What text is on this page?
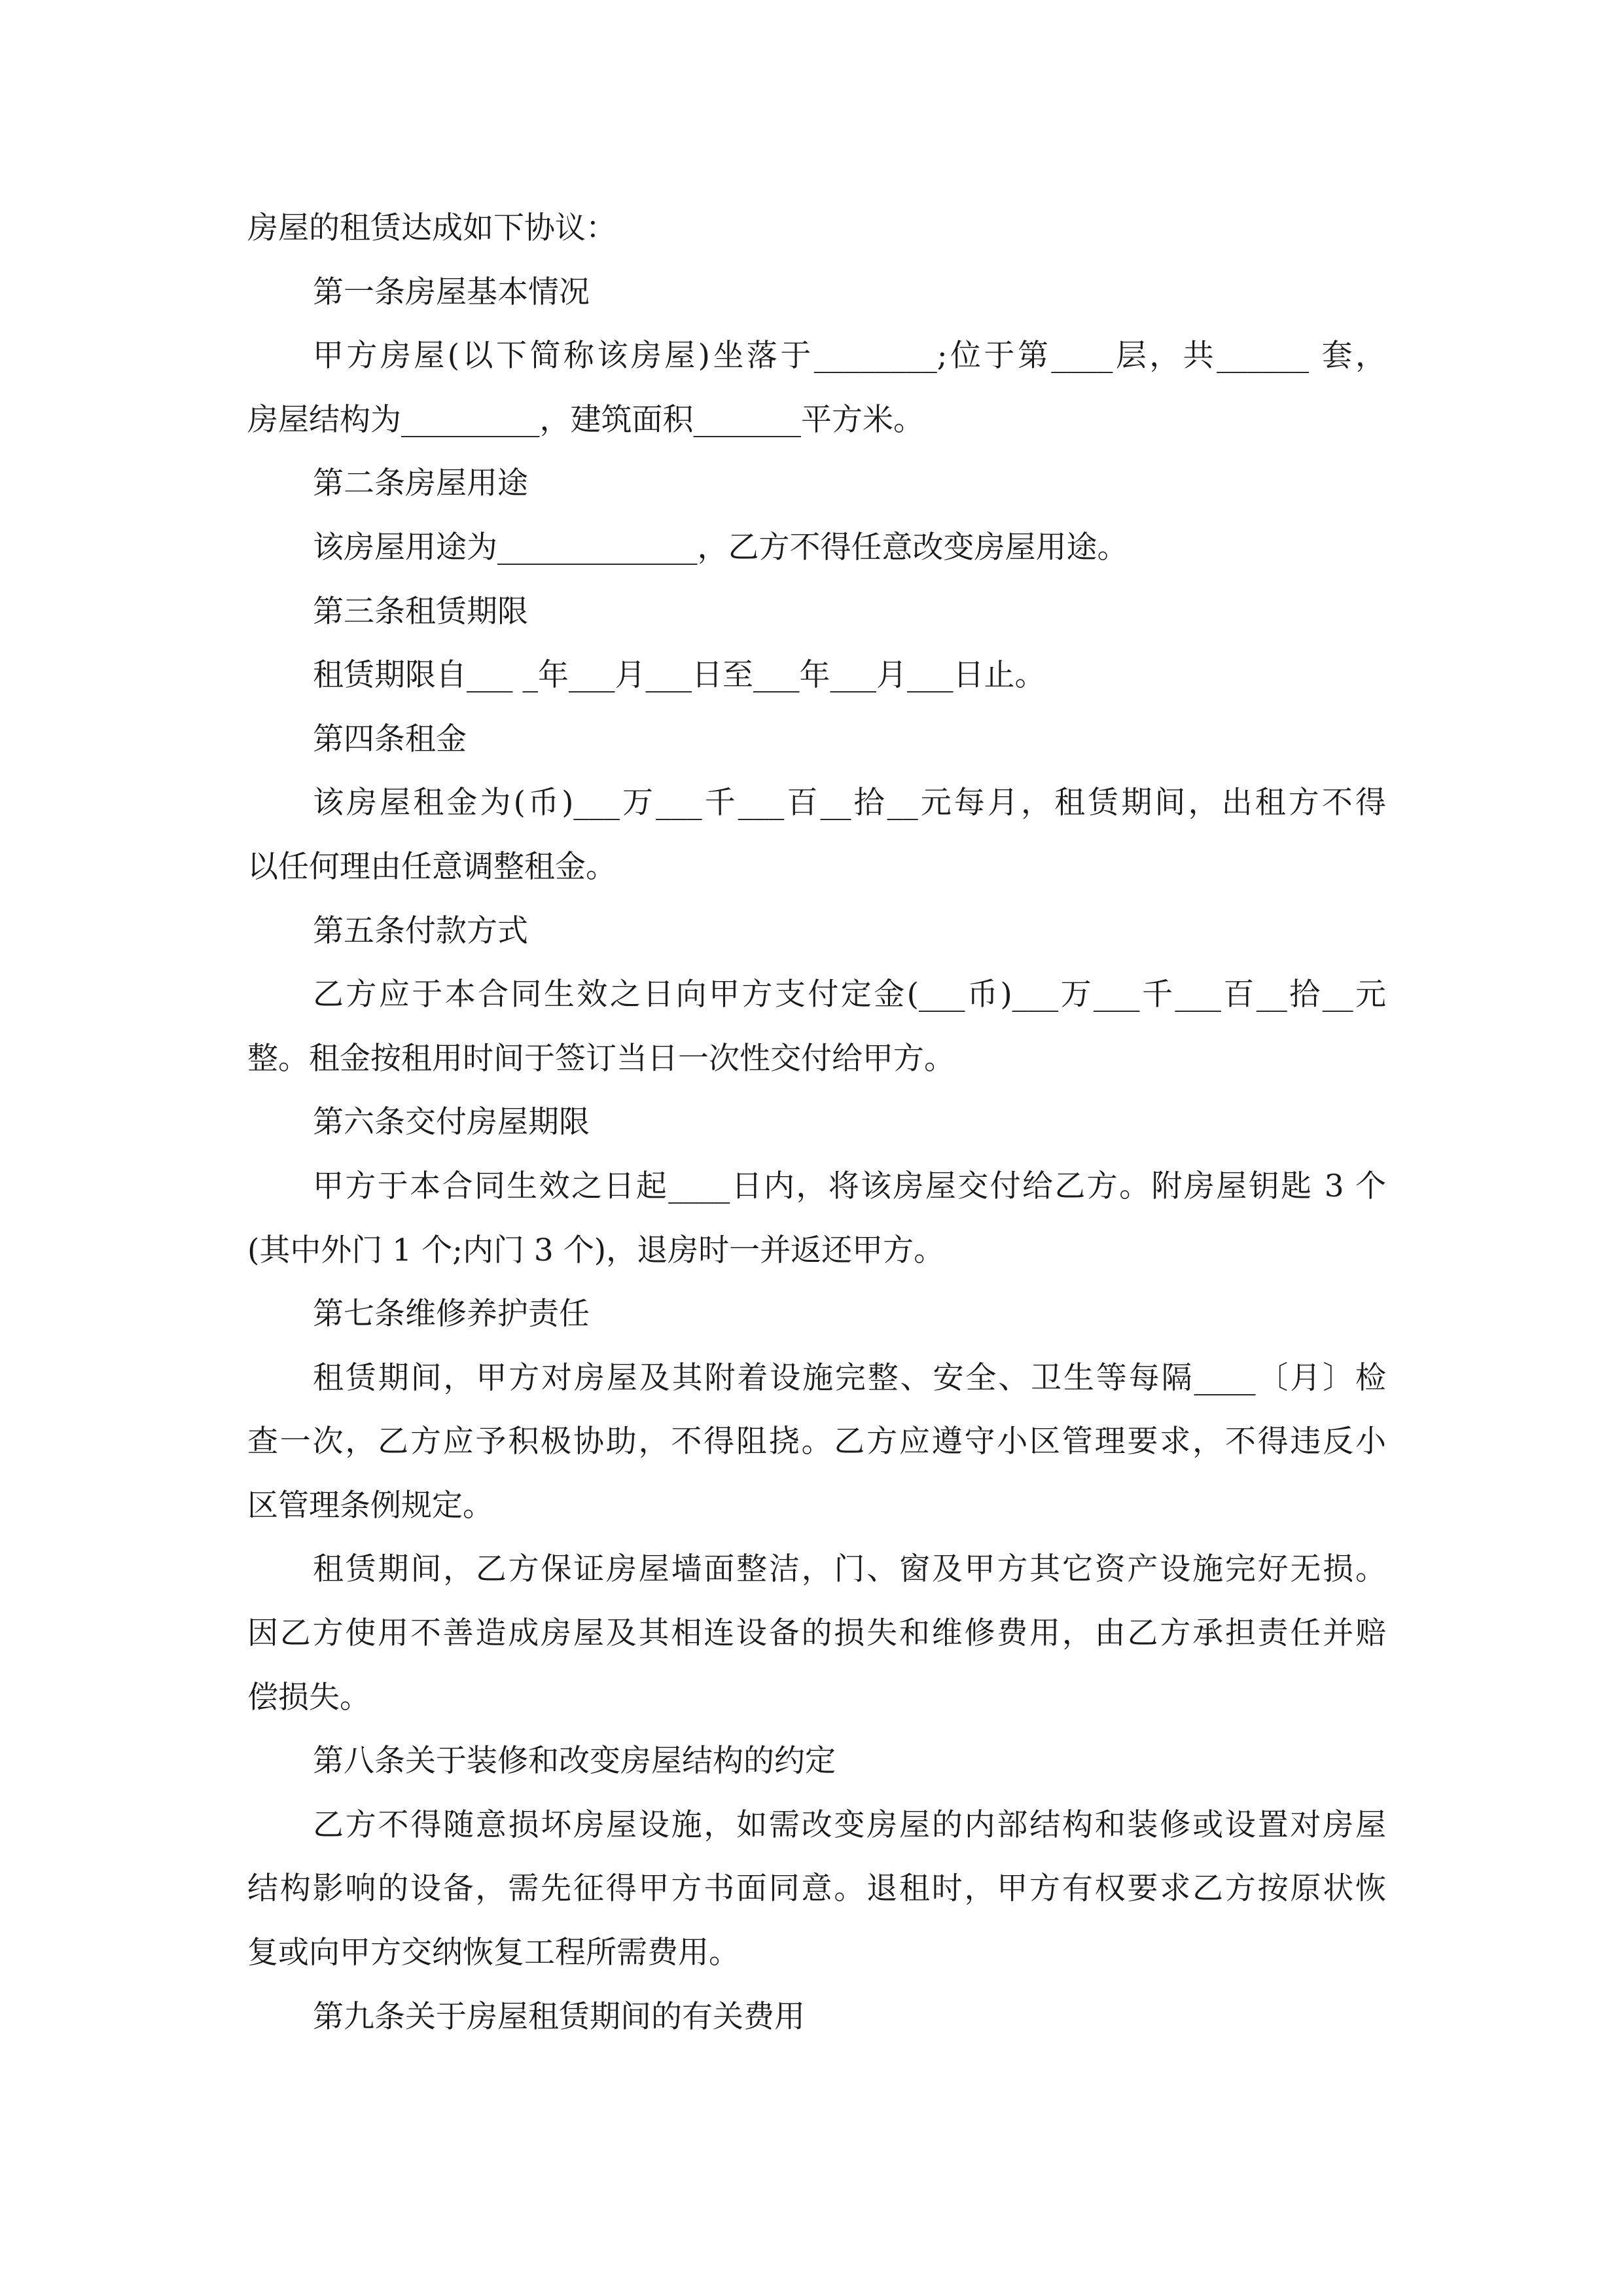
房屋的租赁达成如下协议：
第一条房屋基本情况
甲方房屋(以下简称该房屋)坐落于________;位于第____层，共______ 套，
房屋结构为_________，建筑面积_______平方米。
第二条房屋用途
该房屋用途为_____________，乙方不得任意改变房屋用途。
第三条租赁期限
租赁期限自___ _年___月___日至___年___月___日止。
第四条租金
该房屋租金为(币)___万___千___百__拾__元每月，租赁期间，出租方不得
以任何理由任意调整租金。
第五条付款方式
乙方应于本合同生效之日向甲方支付定金(___币)___万___千___百__拾__元
整。租金按租用时间于签订当日一次性交付给甲方。
第六条交付房屋期限
甲方于本合同生效之日起____日内，将该房屋交付给乙方。附房屋钥匙 3 个
(其中外门 1 个;内门 3 个)，退房时一并返还甲方。
第七条维修养护责任
租赁期间，甲方对房屋及其附着设施完整、安全、卫生等每隔____〔月〕检
查一次，乙方应予积极协助，不得阻挠。乙方应遵守小区管理要求，不得违反小
区管理条例规定。
租赁期间，乙方保证房屋墙面整洁，门、窗及甲方其它资产设施完好无损。
因乙方使用不善造成房屋及其相连设备的损失和维修费用，由乙方承担责任并赔
偿损失。
第八条关于装修和改变房屋结构的约定
乙方不得随意损坏房屋设施，如需改变房屋的内部结构和装修或设置对房屋
结构影响的设备，需先征得甲方书面同意。退租时，甲方有权要求乙方按原状恢
复或向甲方交纳恢复工程所需费用。
第九条关于房屋租赁期间的有关费用
